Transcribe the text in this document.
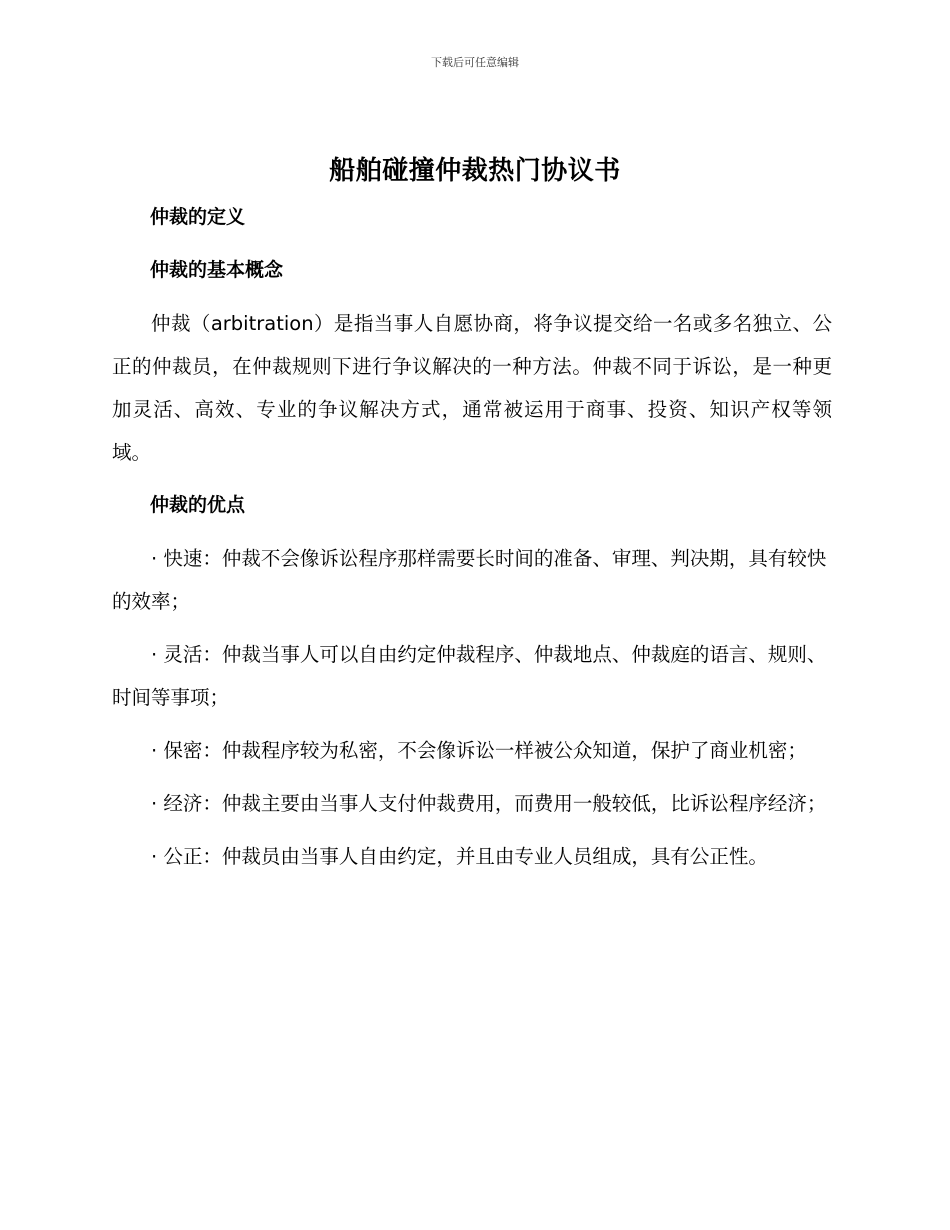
下载后可任意编辑
船舶碰撞仲裁热门协议书

仲裁的定义

仲裁的基本概念

仲裁（arbitration）是指当事人自愿协商，将争议提交给一名或多名独立、公正的仲裁员，在仲裁规则下进行争议解决的一种方法。仲裁不同于诉讼，是一种更加灵活、高效、专业的争议解决方式，通常被运用于商事、投资、知识产权等领域。

仲裁的优点

· 快速：仲裁不会像诉讼程序那样需要长时间的准备、审理、判决期，具有较快的效率；

· 灵活：仲裁当事人可以自由约定仲裁程序、仲裁地点、仲裁庭的语言、规则、时间等事项；

· 保密：仲裁程序较为私密，不会像诉讼一样被公众知道，保护了商业机密；

· 经济：仲裁主要由当事人支付仲裁费用，而费用一般较低，比诉讼程序经济；

· 公正：仲裁员由当事人自由约定，并且由专业人员组成，具有公正性。
